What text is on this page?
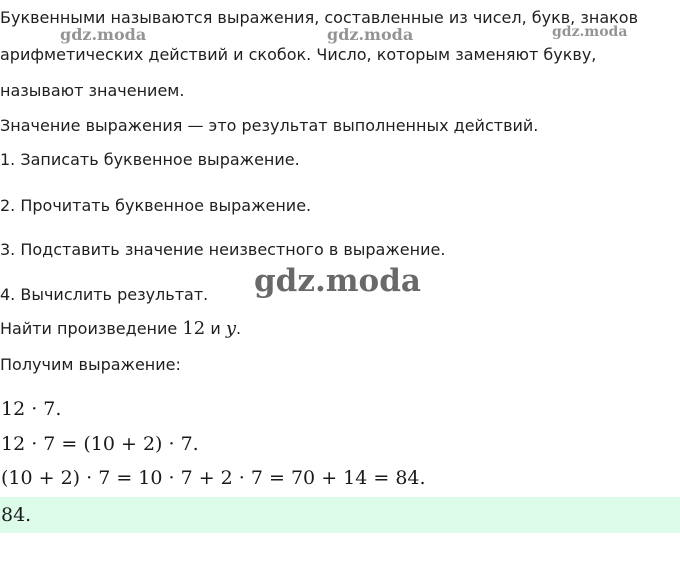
Буквенными называются выражения, составленные из чисел, букв, знаков
арифметических действий и скобок. Число, которым заменяют букву,
называют значением.
Значение выражения — это результат выполненных действий.
1. Записать буквенное выражение.
2. Прочитать буквенное выражение.
3. Подставить значение неизвестного в выражение.
4. Вычислить результат.
Найти произведение 12 и y.
Получим выражение:
12 · 7.
12 · 7 = (10 + 2) · 7.
(10 + 2) · 7 = 10 · 7 + 2 · 7 = 70 + 14 = 84.
84.
gdz.moda	gdz.moda	gdz.moda
gdz.moda
